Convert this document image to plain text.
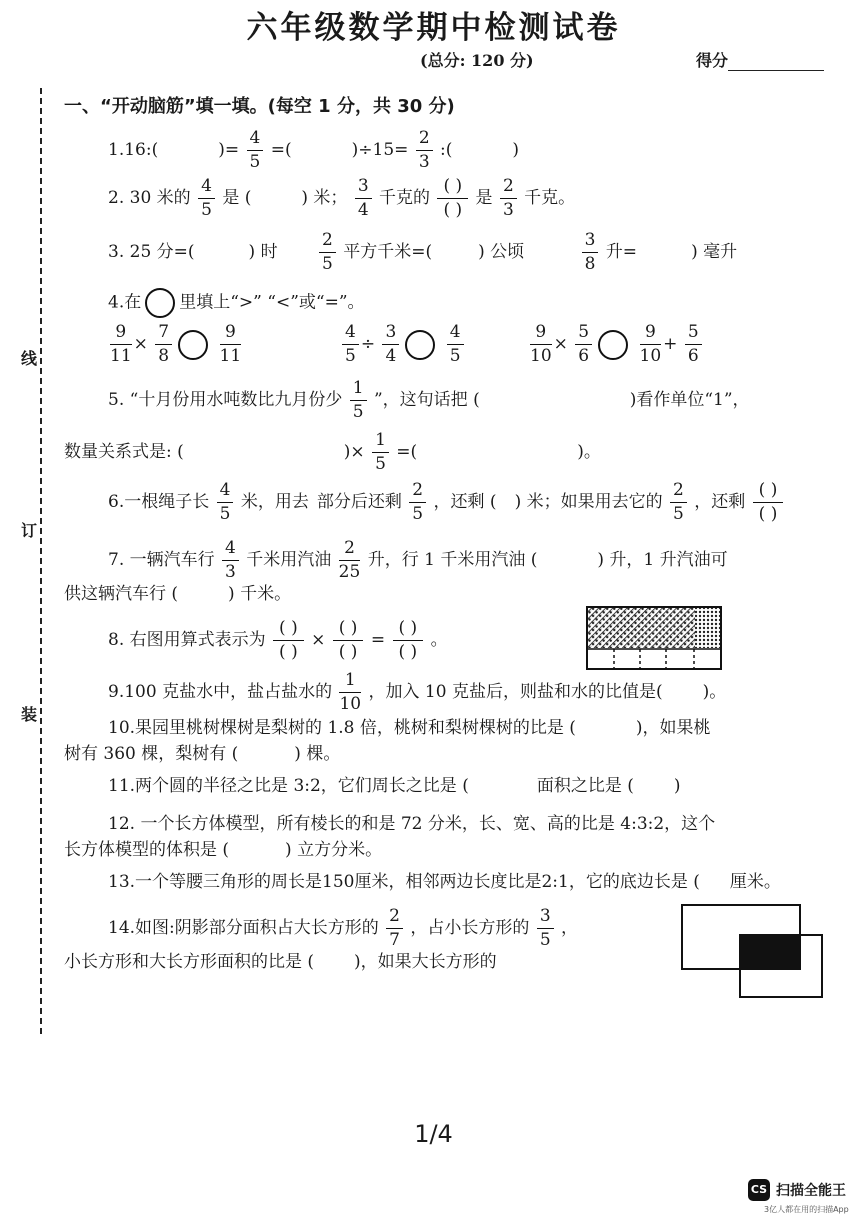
六年级数学期中检测试卷
(总分: 120 分)	得分
线
订
装
一、“开动脑筋”填一填。(每空 1 分，共 30 分)
1.16:(	)= $\frac{4}{5}$ =(	)$\div 15= \frac{2}{3}$ :(	)
2. 30 米的 $\frac{4}{5}$ 是 (	) 米； $\frac{3}{4}$ 千克的 $\frac{( )}{( )}$ 是 $\frac{2}{3}$ 千克。
3. 25 分=(	) 时 $\frac{2}{5}$ 平方千米=(	) 公顷	$\frac{3}{8}$ 升=	) 毫升
4.在 里填上“>” “<”或“=”。
$\frac{9}{11} \times \frac{7}{8}$
	$\frac{9}{11}$	$\frac{4}{5} \div \frac{3}{4}$
	$\frac{4}{5}$	$\frac{9}{10} \times \frac{5}{6}$
	$\frac{9}{10} + \frac{5}{6}$
5. “十月份用水吨数比九月份少 $\frac{1}{5}$ ”，这句话把 (	)看作单位“1”，
数量关系式是: (	)× $\frac{1}{5}$ =(	)。
6.一根绳子长 $\frac{4}{5}$ 米，用去 部分后还剩 $\frac{2}{5}$ ，还剩 ( ) 米；如果用去它的 $\frac{2}{5}$ ，还剩 $\frac{( )}{( )}$
7. 一辆汽车行 $\frac{4}{3}$ 千米用汽油 $\frac{2}{25}$ 升，行 1 千米用汽油 (	) 升，1 升汽油可
供这辆汽车行 (	) 千米。
8. 右图用算式表示为 $\frac{( )}{( )} \times \frac{( )}{( )} = \frac{( )}{( )}$ 。
9.100 克盐水中，盐占盐水的 $\frac{1}{10}$ ，加入 10 克盐后，则盐和水的比值是( )。
10.果园里桃树棵树是梨树的 1.8 倍，桃树和梨树棵树的比是 (	)，如果桃
树有 360 棵，梨树有 (	) 棵。
11.两个圆的半径之比是 3:2，它们周长之比是 (	面积之比是 ( )
12. 一个长方体模型，所有棱长的和是 72 分米，长、宽、高的比是 4:3:2，这个
长方体模型的体积是 (	) 立方分米。
13.一个等腰三角形的周长是150厘米，相邻两边长度比是2:1，它的底边长是 ( 厘米。
14.如图:阴影部分面积占大长方形的 $\frac{2}{7}$ ，占小长方形的 $\frac{3}{5}$ ，
小长方形和大长方形面积的比是 ( )，如果大长方形的
1/4
CS 扫描全能王
3亿人都在用的扫描App
